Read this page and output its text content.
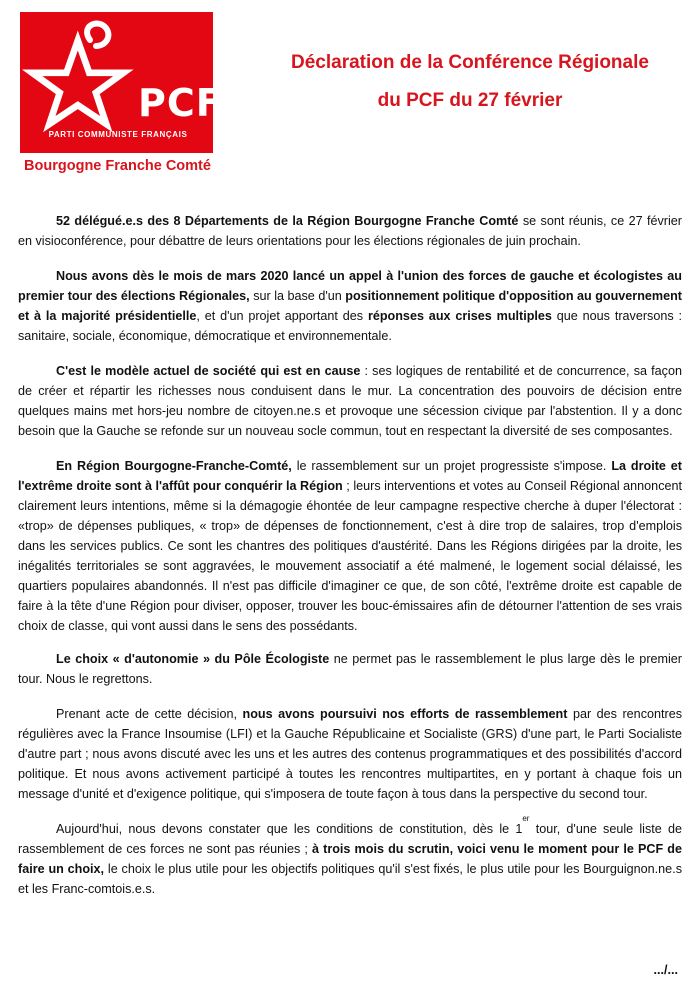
PCF
PARTI COMMUNISTE FRANÇAIS
Bourgogne Franche Comté
Déclaration de la Conférence Régionale
du PCF du 27 février

52 délégué.e.s des 8 Départements de la Région Bourgogne Franche Comté se sont réunis, ce 27 février en visioconférence, pour débattre de leurs orientations pour les élections régionales de juin prochain.

Nous avons dès le mois de mars 2020 lancé un appel à l'union des forces de gauche et écologistes au premier tour des élections Régionales, sur la base d'un positionnement politique d'opposition au gouvernement et à la majorité présidentielle, et d'un projet apportant des réponses aux crises multiples que nous traversons : sanitaire, sociale, économique, démocratique et environnementale.

C'est le modèle actuel de société qui est en cause : ses logiques de rentabilité et de concurrence, sa façon de créer et répartir les richesses nous conduisent dans le mur. La concentration des pouvoirs de décision entre quelques mains met hors-jeu nombre de citoyen.ne.s et provoque une sécession civique par l'abstention. Il y a donc besoin que la Gauche se refonde sur un nouveau socle commun, tout en respectant la diversité de ses composantes.

En Région Bourgogne-Franche-Comté, le rassemblement sur un projet progressiste s'impose. La droite et l'extrême droite sont à l'affût pour conquérir la Région ; leurs interventions et votes au Conseil Régional annoncent clairement leurs intentions, même si la démagogie éhontée de leur campagne respective cherche à duper l'électorat : «trop» de dépenses publiques, « trop» de dépenses de fonctionnement, c'est à dire trop de salaires, trop d'emplois dans les services publics. Ce sont les chantres des politiques d'austérité. Dans les Régions dirigées par la droite, les inégalités territoriales se sont aggravées, le mouvement associatif a été malmené, le logement social délaissé, les quartiers populaires abandonnés. Il n'est pas difficile d'imaginer ce que, de son côté, l'extrême droite est capable de faire à la tête d'une Région pour diviser, opposer, trouver les bouc-émissaires afin de détourner l'attention de ses vrais choix de classe, qui vont aussi dans le sens des possédants.

Le choix « d'autonomie » du Pôle Écologiste ne permet pas le rassemblement le plus large dès le premier tour. Nous le regrettons.

Prenant acte de cette décision, nous avons poursuivi nos efforts de rassemblement par des rencontres régulières avec la France Insoumise (LFI) et la Gauche Républicaine et Socialiste (GRS) d'une part, le Parti Socialiste d'autre part ; nous avons discuté avec les uns et les autres des contenus programmatiques et des possibilités d'accord politique. Et nous avons activement participé à toutes les rencontres multipartites, en y portant à chaque fois un message d'unité et d'exigence politique, qui s'imposera de toute façon à tous dans la perspective du second tour.

Aujourd'hui, nous devons constater que les conditions de constitution, dès le 1er tour, d'une seule liste de rassemblement de ces forces ne sont pas réunies ; à trois mois du scrutin, voici venu le moment pour le PCF de faire un choix, le choix le plus utile pour les objectifs politiques qu'il s'est fixés, le plus utile pour les Bourguignon.ne.s et les Franc-comtois.e.s.

.../...
